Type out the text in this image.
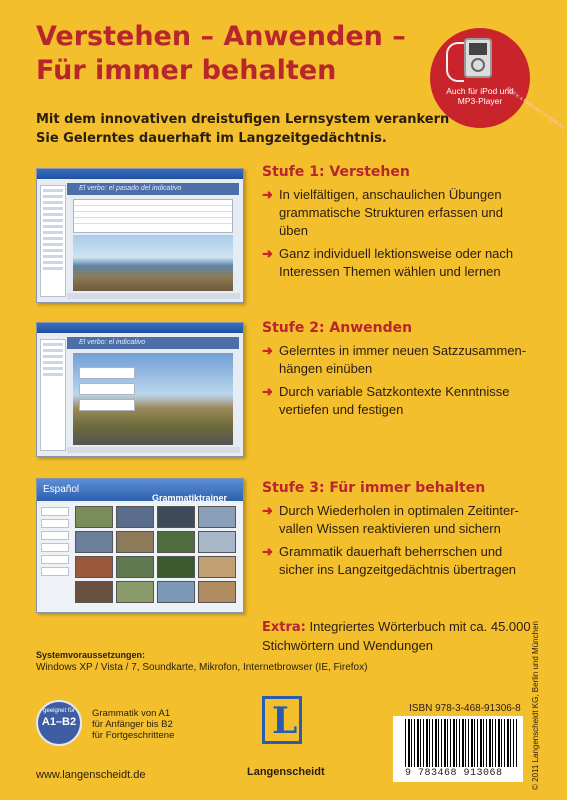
Verstehen – Anwenden –
Für immer behalten
Auch für iPod und
MP3-Player iPod is a trademark of Apple Inc.
Mit dem innovativen dreistufigen Lernsystem verankern Sie Gelerntes dauerhaft im Langzeitgedächtnis.
El verbo: el pasado del indicativo
El verbo: el indicativo
Español
Grammatiktrainer
Stufe 1: Verstehen
➜ In vielfältigen, anschaulichen Übungen grammatische Strukturen erfassen und üben
➜ Ganz individuell lektionsweise oder nach Interessen Themen wählen und lernen
Stufe 2: Anwenden
➜ Gelerntes in immer neuen Satzzusammen-hängen einüben
➜ Durch variable Satzkontexte Kenntnisse vertiefen und festigen
Stufe 3: Für immer behalten
➜ Durch Wiederholen in optimalen Zeitinter-vallen Wissen reaktivieren und sichern
➜ Grammatik dauerhaft beherrschen und sicher ins Langzeitgedächtnis übertragen
Extra: Integriertes Wörterbuch mit ca. 45.000 Stichwörtern und Wendungen
Systemvoraussetzungen:
Windows XP / Vista / 7, Soundkarte, Mikrofon, Internetbrowser (IE, Firefox)
geeignet für
A1–B2
Grammatik von A1
für Anfänger bis B2
für Fortgeschrittene	L
Langenscheidt
www.langenscheidt.de
ISBN 978-3-468-91306-8
9 783468 913068	© 2011 Langenscheidt KG, Berlin und München
